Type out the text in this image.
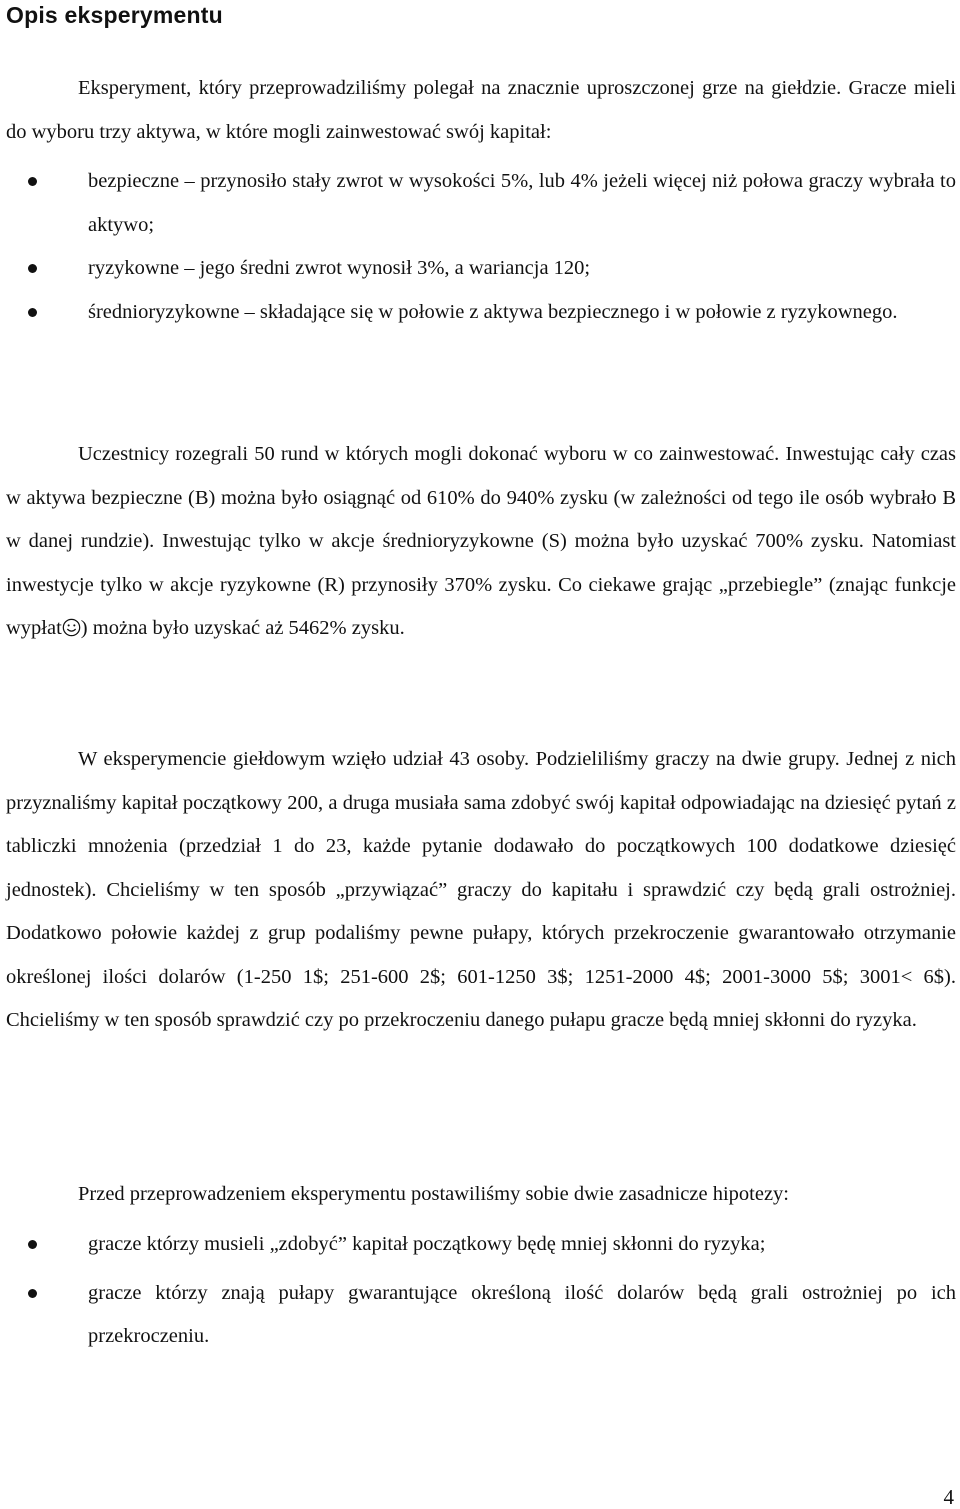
Opis eksperymentu

Eksperyment, który przeprowadziliśmy polegał na znacznie uproszczonej grze na giełdzie. Gracze mieli do wyboru trzy aktywa, w które mogli zainwestować swój kapitał:

bezpieczne – przynosiło stały zwrot w wysokości 5%, lub 4% jeżeli więcej niż połowa graczy wybrała to aktywo;
ryzykowne – jego średni zwrot wynosił 3%, a wariancja 120;
średnioryzykowne – składające się w połowie z aktywa bezpiecznego i w połowie z ryzykownego.

Uczestnicy rozegrali 50 rund w których mogli dokonać wyboru w co zainwestować. Inwestując cały czas w aktywa bezpieczne (B) można było osiągnąć od 610% do 940% zysku (w zależności od tego ile osób wybrało B w danej rundzie). Inwestując tylko w akcje średnioryzykowne (S) można było uzyskać 700% zysku. Natomiast inwestycje tylko w akcje ryzykowne (R) przynosiły 370% zysku. Co ciekawe grając „przebiegle” (znając funkcje wypłat ) można było uzyskać aż 5462% zysku.

W eksperymencie giełdowym wzięło udział 43 osoby. Podzieliliśmy graczy na dwie grupy. Jednej z nich przyznaliśmy kapitał początkowy 200, a druga musiała sama zdobyć swój kapitał odpowiadając na dziesięć pytań z tabliczki mnożenia (przedział 1 do 23, każde pytanie dodawało do początkowych 100 dodatkowe dziesięć jednostek). Chcieliśmy w ten sposób „przywiązać” graczy do kapitału i sprawdzić czy będą grali ostrożniej. Dodatkowo połowie każdej z grup podaliśmy pewne pułapy, których przekroczenie gwarantowało otrzymanie określonej ilości dolarów (1-250 1$; 251-600 2$; 601-1250 3$; 1251-2000 4$; 2001-3000 5$; 3001< 6$). Chcieliśmy w ten sposób sprawdzić czy po przekroczeniu danego pułapu gracze będą mniej skłonni do ryzyka.

Przed przeprowadzeniem eksperymentu postawiliśmy sobie dwie zasadnicze hipotezy:

gracze którzy musieli „zdobyć” kapitał początkowy będę mniej skłonni do ryzyka;
gracze którzy znają pułapy gwarantujące określoną ilość dolarów będą grali ostrożniej po ich przekroczeniu.
4
